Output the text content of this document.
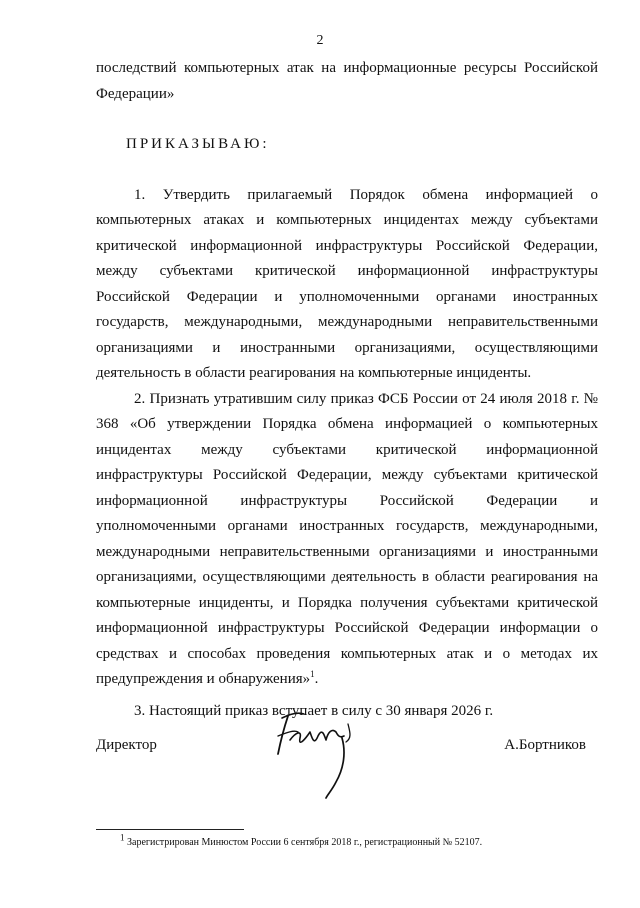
2

последствий компьютерных атак на информационные ресурсы Российской Федерации»

ПРИКАЗЫВАЮ:

1. Утвердить прилагаемый Порядок обмена информацией о компьютерных атаках и компьютерных инцидентах между субъектами критической информационной инфраструктуры Российской Федерации, между субъектами критической информационной инфраструктуры Российской Федерации и уполномоченными органами иностранных государств, международными, международными неправительственными организациями и иностранными организациями, осуществляющими деятельность в области реагирования на компьютерные инциденты.

2. Признать утратившим силу приказ ФСБ России от 24 июля 2018 г. № 368 «Об утверждении Порядка обмена информацией о компьютерных инцидентах между субъектами критической информационной инфраструктуры Российской Федерации, между субъектами критической информационной инфраструктуры Российской Федерации и уполномоченными органами иностранных государств, международными, международными неправительственными организациями и иностранными организациями, осуществляющими деятельность в области реагирования на компьютерные инциденты, и Порядка получения субъектами критической информационной инфраструктуры Российской Федерации информации о средствах и способах проведения компьютерных атак и о методах их предупреждения и обнаружения»$^1$.

3. Настоящий приказ вступает в силу с 30 января 2026 г.

Директор	А.Бортников
$^1$ Зарегистрирован Минюстом России 6 сентября 2018 г., регистрационный № 52107.
